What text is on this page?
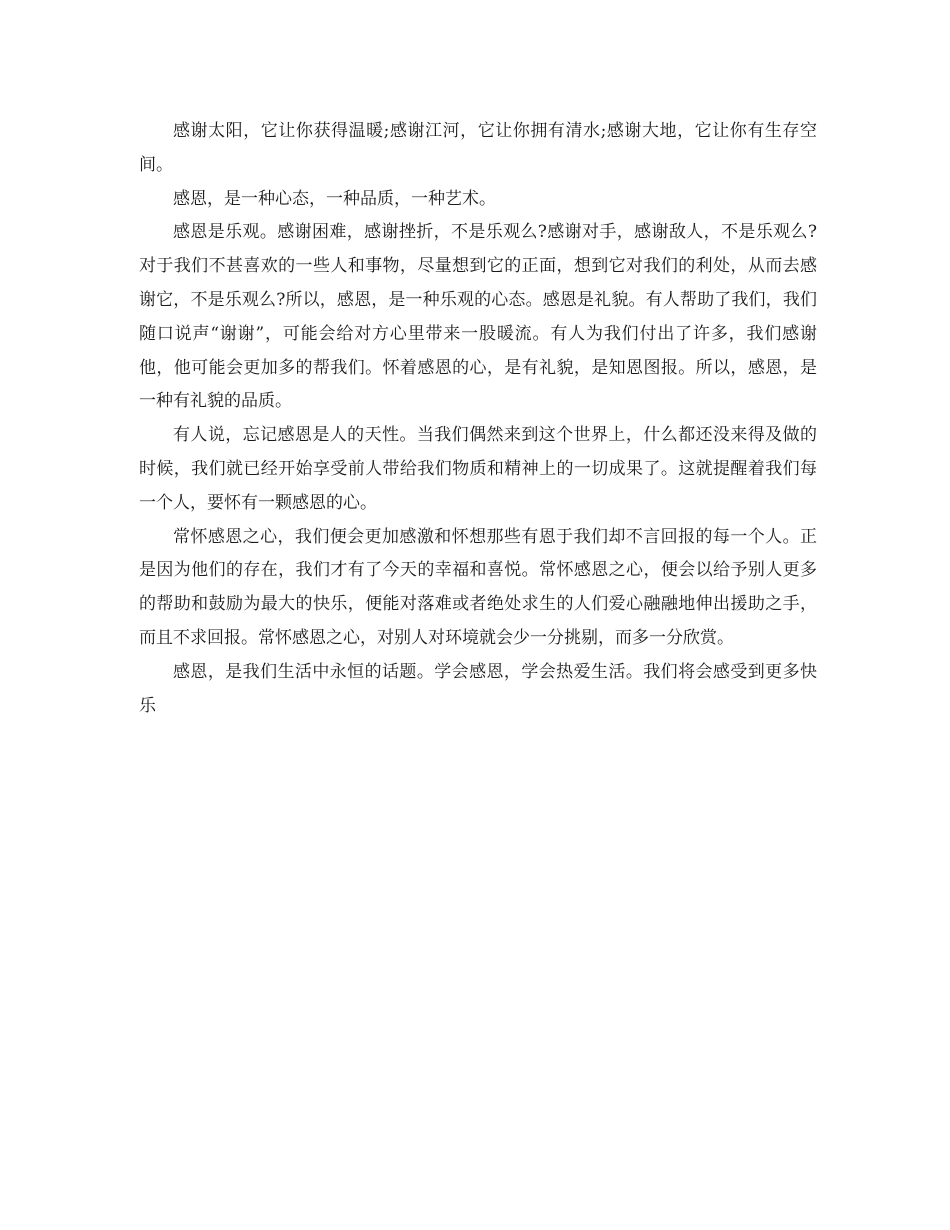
感谢太阳，它让你获得温暖;感谢江河，它让你拥有清水;感谢大地，它让你有生存空间。

感恩，是一种心态，一种品质，一种艺术。

感恩是乐观。感谢困难，感谢挫折，不是乐观么?感谢对手，感谢敌人，不是乐观么?对于我们不甚喜欢的一些人和事物，尽量想到它的正面，想到它对我们的利处，从而去感谢它，不是乐观么?所以，感恩，是一种乐观的心态。感恩是礼貌。有人帮助了我们，我们随口说声“谢谢”，可能会给对方心里带来一股暖流。有人为我们付出了许多，我们感谢他，他可能会更加多的帮我们。怀着感恩的心，是有礼貌，是知恩图报。所以，感恩，是一种有礼貌的品质。

有人说，忘记感恩是人的天性。当我们偶然来到这个世界上，什么都还没来得及做的时候，我们就已经开始享受前人带给我们物质和精神上的一切成果了。这就提醒着我们每一个人，要怀有一颗感恩的心。

常怀感恩之心，我们便会更加感激和怀想那些有恩于我们却不言回报的每一个人。正是因为他们的存在，我们才有了今天的幸福和喜悦。常怀感恩之心，便会以给予别人更多的帮助和鼓励为最大的快乐，便能对落难或者绝处求生的人们爱心融融地伸出援助之手，而且不求回报。常怀感恩之心，对别人对环境就会少一分挑剔，而多一分欣赏。

感恩，是我们生活中永恒的话题。学会感恩，学会热爱生活。我们将会感受到更多快乐
